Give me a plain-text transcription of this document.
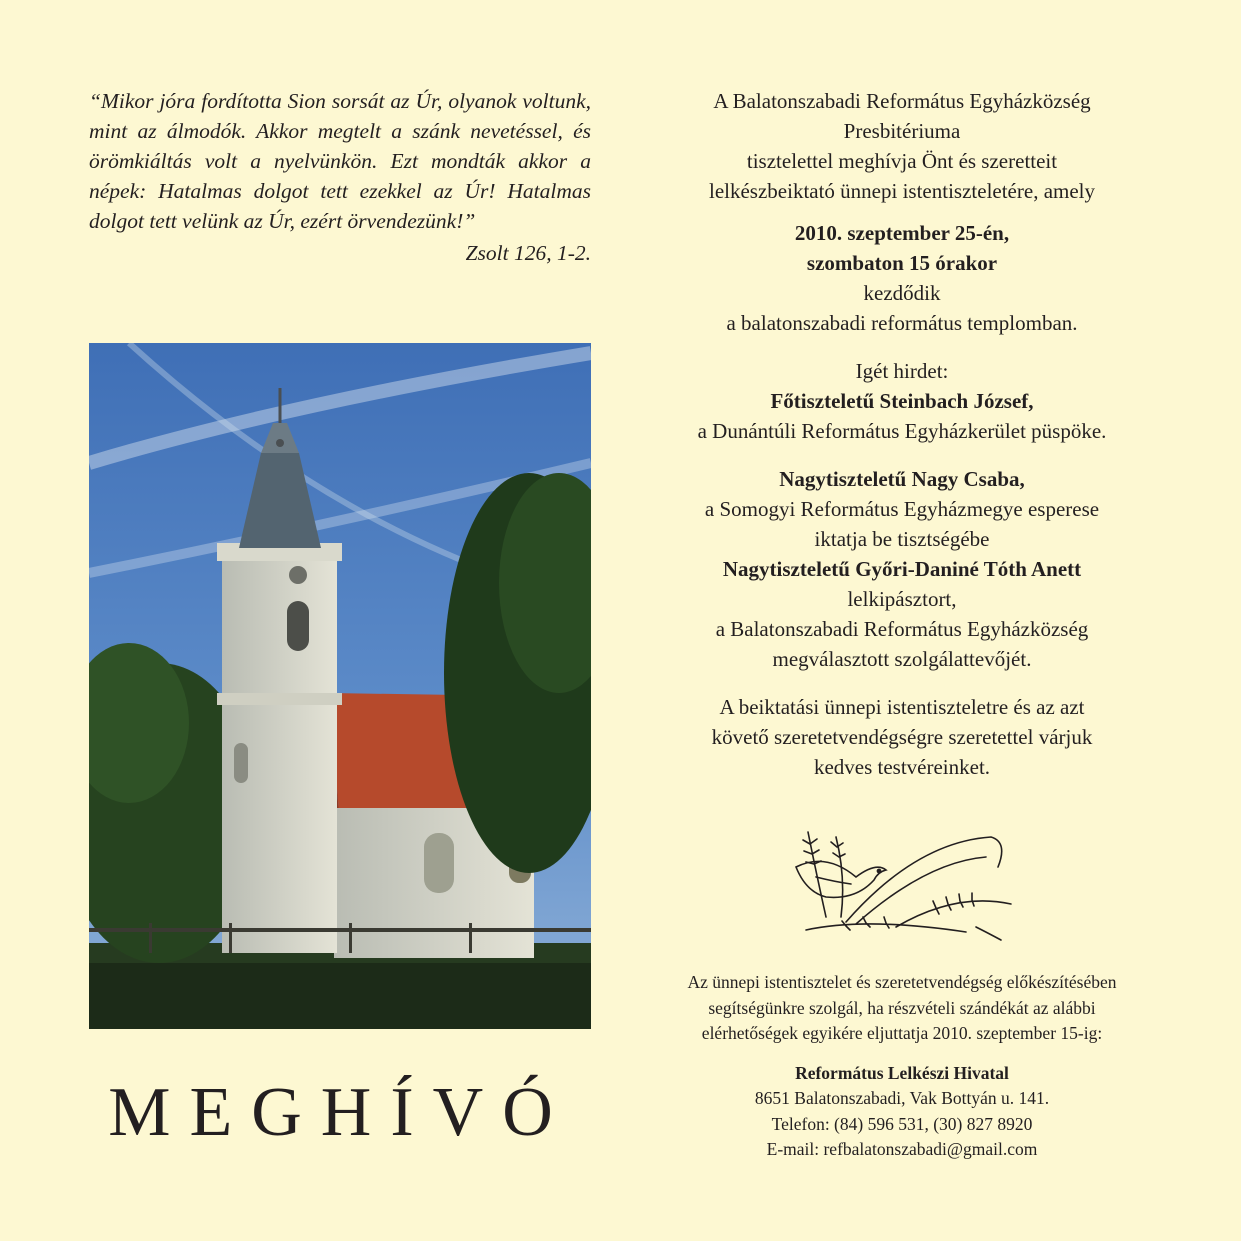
“Mikor jóra fordította Sion sorsát az Úr, olyanok voltunk, mint az álmodók. Akkor megtelt a szánk nevetéssel, és örömkiáltás volt a nyelvünkön. Ezt mondták akkor a népek: Hatalmas dolgot tett ezekkel az Úr! Hatalmas dolgot tett velünk az Úr, ezért örvendezünk!”

Zsolt 126, 1-2.
MEGHÍVÓ

A Balatonszabadi Református Egyházközség

Presbitériuma

tisztelettel meghívja Önt és szeretteit

lelkészbeiktató ünnepi istentiszteletére, amely

2010. szeptember 25-én,

szombaton 15 órakor

kezdődik

a balatonszabadi református templomban.

Igét hirdet:

Főtiszteletű Steinbach József,

a Dunántúli Református Egyházkerület püspöke.

Nagytiszteletű Nagy Csaba,

a Somogyi Református Egyházmegye esperese

iktatja be tisztségébe

Nagytiszteletű Győri-Daniné Tóth Anett

lelkipásztort,

a Balatonszabadi Református Egyházközség

megválasztott szolgálattevőjét.

A beiktatási ünnepi istentiszteletre és az azt

követő szeretetvendégségre szeretettel várjuk

kedves testvéreinket.

Az ünnepi istentisztelet és szeretetvendégség előkészítésében

segítségünkre szolgál, ha részvételi szándékát az alábbi

elérhetőségek egyikére eljuttatja 2010. szeptember 15-ig:

Református Lelkészi Hivatal

8651 Balatonszabadi, Vak Bottyán u. 141.

Telefon: (84) 596 531, (30) 827 8920

E-mail: refbalatonszabadi@gmail.com
